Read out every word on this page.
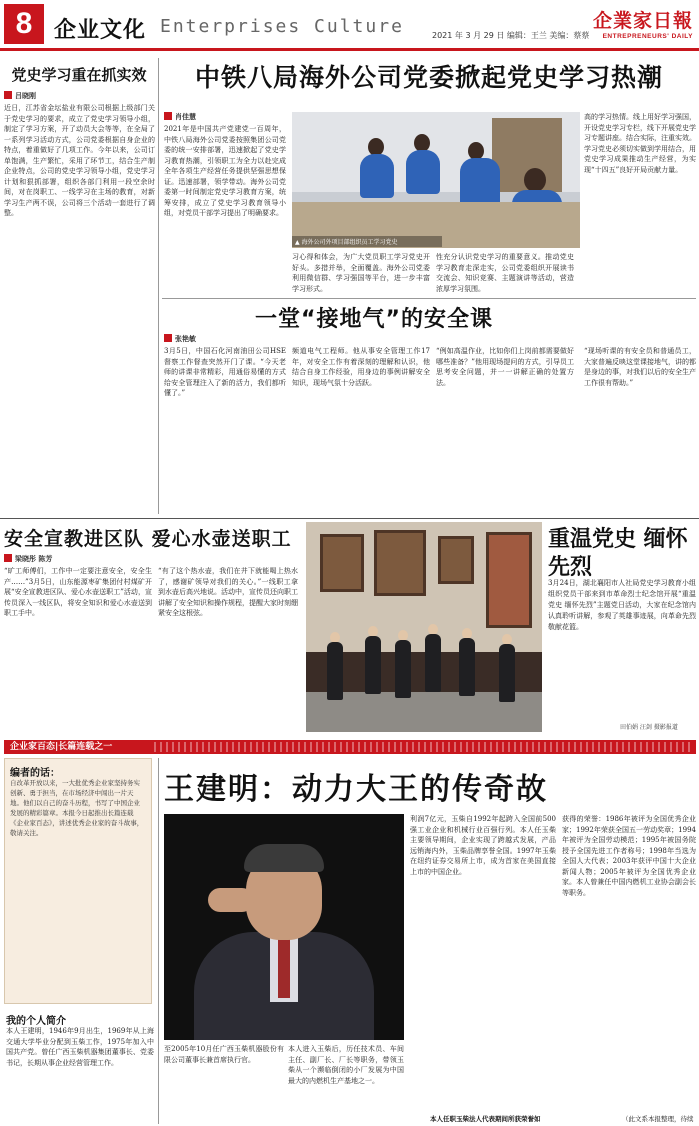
8 企业文化 Enterprises Culture	2021 年 3 月 29 日 编辑：王兰 美编：蔡蔡
企業家日報
ENTREPRENEURS' DAILY
党史学习重在抓实效
吕晓刚
近日，江苏省金坛盐业有限公司根据上级部门关于党史学习的要求，成立了党史学习领导小组，制定了学习方案，开了动员大会等等，在全局了一系列学习活动方式，公司党委根据自身企业的特点，着重做好了几项工作。今年以来，公司订单饱满，生产繁忙，采用了环节工，结合生产制企业特点，公司的党史学习领导小组，党史学习计划和狠抓部署，组织各部门利用一段空余时间，对在岗职工、一线学习在主场的教育，对新学习生产两不误，公司将三个活动一套进行了调整。
中铁八局海外公司党委掀起党史学习热潮
肖佳慧
2021年是中国共产党建党一百周年，中铁八局海外公司党委按照集团公司党委的统一安排部署，迅速掀起了党史学习教育热潮，引领职工为全力以赴完成全年各项生产经营任务提供坚强思想保证。迅速部署，领学带动。海外公司党委第一时间制定党史学习教育方案，统筹安排，成立了党史学习教育领导小组，对党员干部学习提出了明确要求。
▲ 海外公司外项目部组织员工学习党史
习心得和体会，为广大党员职工学习党史开好头。多措并举，全面覆盖。海外公司党委利用微信群、学习强国等平台，进一步丰富学习形式。
性充分认识党史学习的重要意义。推动党史学习教育走深走实，公司党委组织开展读书交流会、知识竞赛、主题演讲等活动，营造浓厚学习氛围。
高的学习热情。线上用好学习强国，开设党史学习专栏，线下开展党史学习专题讲座。结合实际，注重实效。学习党史必须切实做到学用结合，用党史学习成果推动生产经营，为实现“十四五”良好开局贡献力量。
一堂“接地气”的安全课
张艳敏
3月5日，中国石化河南油田公司HSE督察工作督查突然开门了课。“今天老师的讲课非常精彩，用通俗易懂的方式给安全管理注入了新的活力，我们都听懂了。”
频道电气工程师。他从事安全管理工作17年，对安全工作有着深刻的理解和认识，他结合自身工作经验，用身边的事例讲解安全知识，现场气氛十分活跃。
“例如高温作业，比如你们上岗前都需要做好哪些准备？”他用现场提问的方式，引导员工思考安全问题，并一一讲解正确的处置方法。
“现场听课的有安全员和普通员工，大家普遍反映这堂课接地气，讲的都是身边的事，对我们以后的安全生产工作很有帮助。”
安全宣教进区队 爱心水壶送职工
梁晓彤 陈芳
“旷工师傅们，工作中一定要注意安全，安全生产……”3月5日，山东能源枣矿集团付村煤矿开展“安全宣教进区队、爱心水壶送职工”活动，宣传员深入一线区队，将安全知识和爱心水壶送到职工手中。
“有了这个热水壶，我们在井下就能喝上热水了，感谢矿领导对我们的关心。”一线职工拿到水壶后高兴地说。活动中，宣传员还向职工讲解了安全知识和操作规程，提醒大家时刻绷紧安全这根弦。
重温党史 缅怀先烈
3月24日，湖北襄阳市人社局党史学习教育小组组织党员干部来到市革命烈士纪念馆开展“重温党史 缅怀先烈”主题党日活动，大家在纪念馆内认真聆听讲解，参观了英雄事迹展，向革命先烈敬献花篮。
田伯娟 汪剑 摄影报道
企业家百态|长篇连载之一
编者的话：
自改革开放以来，一大批优秀企业家坚持务实创新、勇于担当，在市场经济中闯出一片天地。他们以自己的奋斗历程，书写了中国企业发展的精彩篇章。本报今日起推出长篇连载《企业家百态》，讲述优秀企业家的奋斗故事，敬请关注。
我的个人简介
本人王建明，1946年9月出生，1969年从上海交通大学毕业分配到玉柴工作，1975年加入中国共产党。曾任广西玉柴机器集团董事长、党委书记，长期从事企业经营管理工作。
王建明：动力大王的传奇故
至2005年10月任广西玉柴机器股份有限公司董事长兼首席执行官。
本人进入玉柴后，历任技术员、车间主任、副厂长、厂长等职务，带领玉柴从一个濒临倒闭的小厂发展为中国最大的内燃机生产基地之一。
利润7亿元，玉柴自1992年起跨入全国前500强工业企业和机械行业百强行列。本人任玉柴主要领导期间，企业实现了跨越式发展，产品远销海内外，玉柴品牌享誉全国。1997年玉柴在纽约证券交易所上市，成为首家在美国直接上市的中国企业。
获得的荣誉：1986年被评为全国优秀企业家；1992年荣获全国五一劳动奖章；1994年被评为全国劳动模范；1995年被国务院授予全国先进工作者称号；1998年当选为全国人大代表；2003年获评中国十大企业新闻人物；2005年被评为全国优秀企业家。本人曾兼任中国内燃机工业协会副会长等职务。
本人任职玉柴法人代表期间所获荣誉如	（此文系本报整理，待续
